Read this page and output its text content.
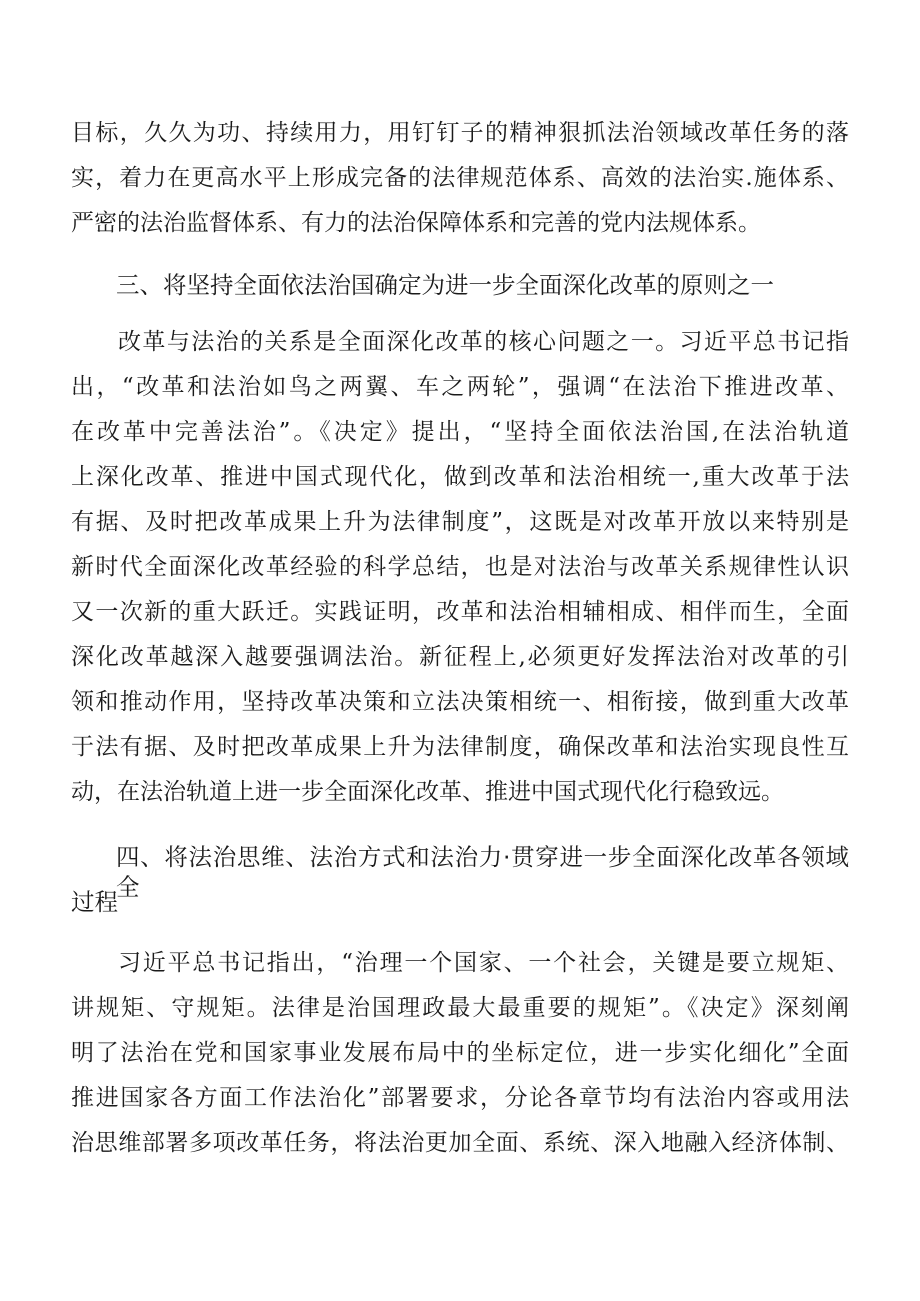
目标，久久为功、持续用力，用钉钉子的精神狠抓法治领域改革任务的落
实，着力在更高水平上形成完备的法律规范体系、高效的法治实.施体系、
严密的法治监督体系、有力的法治保障体系和完善的党内法规体系。
三、将坚持全面依法治国确定为进一步全面深化改革的原则之一
改革与法治的关系是全面深化改革的核心问题之一。习近平总书记指
出，“改革和法治如鸟之两翼、车之两轮”，强调“在法治下推进改革、
在改革中完善法治”。《决定》提出，“坚持全面依法治国,在法治轨道
上深化改革、推进中国式现代化，做到改革和法治相统一,重大改革于法
有据、及时把改革成果上升为法律制度”，这既是对改革开放以来特别是
新时代全面深化改革经验的科学总结，也是对法治与改革关系规律性认识
又一次新的重大跃迁。实践证明，改革和法治相辅相成、相伴而生，全面
深化改革越深入越要强调法治。新征程上,必须更好发挥法治对改革的引
领和推动作用，坚持改革决策和立法决策相统一、相衔接，做到重大改革
于法有据、及时把改革成果上升为法律制度，确保改革和法治实现良性互
动，在法治轨道上进一步全面深化改革、推进中国式现代化行稳致远。
四、将法治思维、法治方式和法治力·贯穿进一步全面深化改革各领域全
过程
习近平总书记指出，“治理一个国家、一个社会，关键是要立规矩、
讲规矩、守规矩。法律是治国理政最大最重要的规矩”。《决定》深刻阐
明了法治在党和国家事业发展布局中的坐标定位，进一步实化细化”全面
推进国家各方面工作法治化”部署要求，分论各章节均有法治内容或用法
治思维部署多项改革任务，将法治更加全面、系统、深入地融入经济体制、
